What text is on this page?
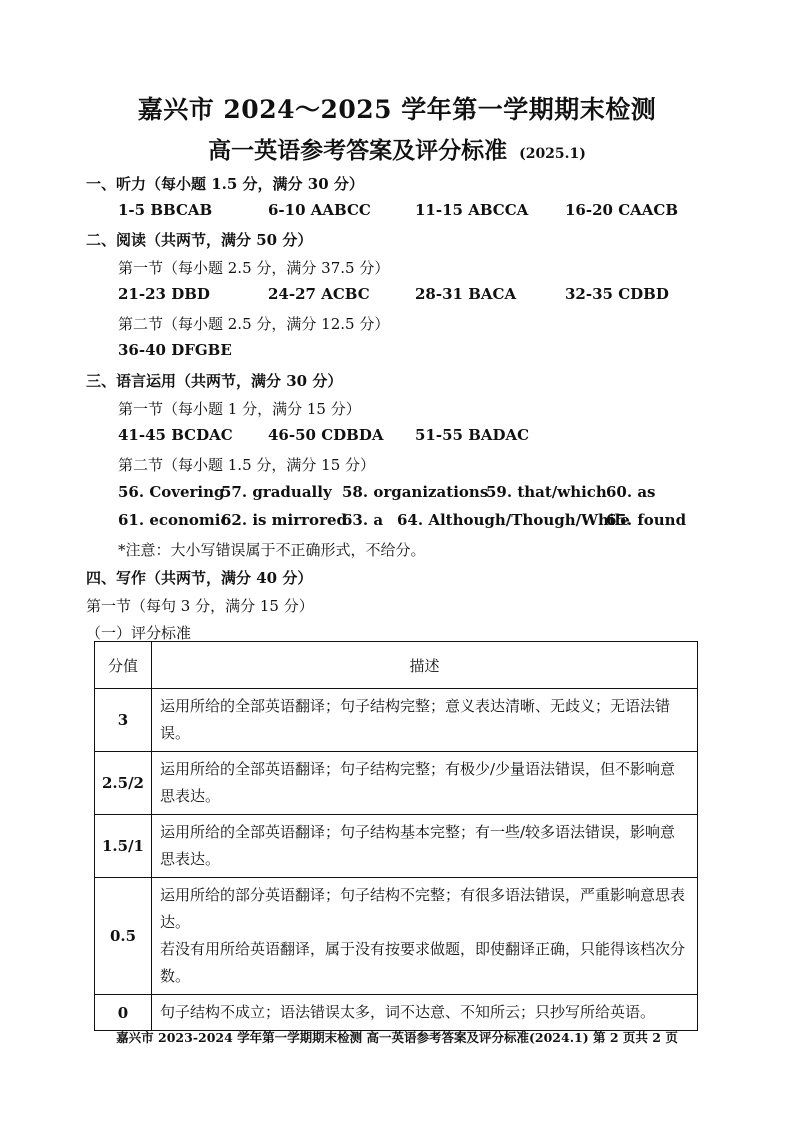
嘉兴市 2024～2025 学年第一学期期末检测
高一英语参考答案及评分标准 (2025.1)
一、听力（每小题 1.5 分，满分 30 分）
1-5 BBCAB	6-10 AABCC	11-15 ABCCA 16-20 CAACB
二、阅读（共两节，满分 50 分）
第一节（每小题 2.5 分，满分 37.5 分）
21-23 DBD	24-27 ACBC	28-31 BACA	32-35 CDBD
第二节（每小题 2.5 分，满分 12.5 分）
36-40 DFGBE
三、语言运用（共两节，满分 30 分）
第一节（每小题 1 分，满分 15 分）
41-45 BCDAC 46-50 CDBDA 51-55 BADAC
第二节（每小题 1.5 分，满分 15 分）
56. Covering
57. gradually 58. organizations
59. that/which 60. as
61. economic
62. is mirrored
63. a 64. Although/Though/While
65. found
*注意：大小写错误属于不正确形式，不给分。
四、写作（共两节，满分 40 分）
第一节（每句 3 分，满分 15 分）
（一）评分标准
分值	描述
3	运用所给的全部英语翻译；句子结构完整；意义表达清晰、无歧义；无语法错误。

2.5/2	运用所给的全部英语翻译；句子结构完整；有极少/少量语法错误，但不影响意思表达。

1.5/1	运用所给的全部英语翻译；句子结构基本完整；有一些/较多语法错误，影响意思表达。

0.5	运用所给的部分英语翻译；句子结构不完整；有很多语法错误，严重影响意思表达。
若没有用所给英语翻译，属于没有按要求做题，即使翻译正确，只能得该档次分数。

0	句子结构不成立；语法错误太多，词不达意、不知所云；只抄写所给英语。
嘉兴市 2023-2024 学年第一学期期末检测 高一英语参考答案及评分标准(2024.1) 第 2 页共 2 页
